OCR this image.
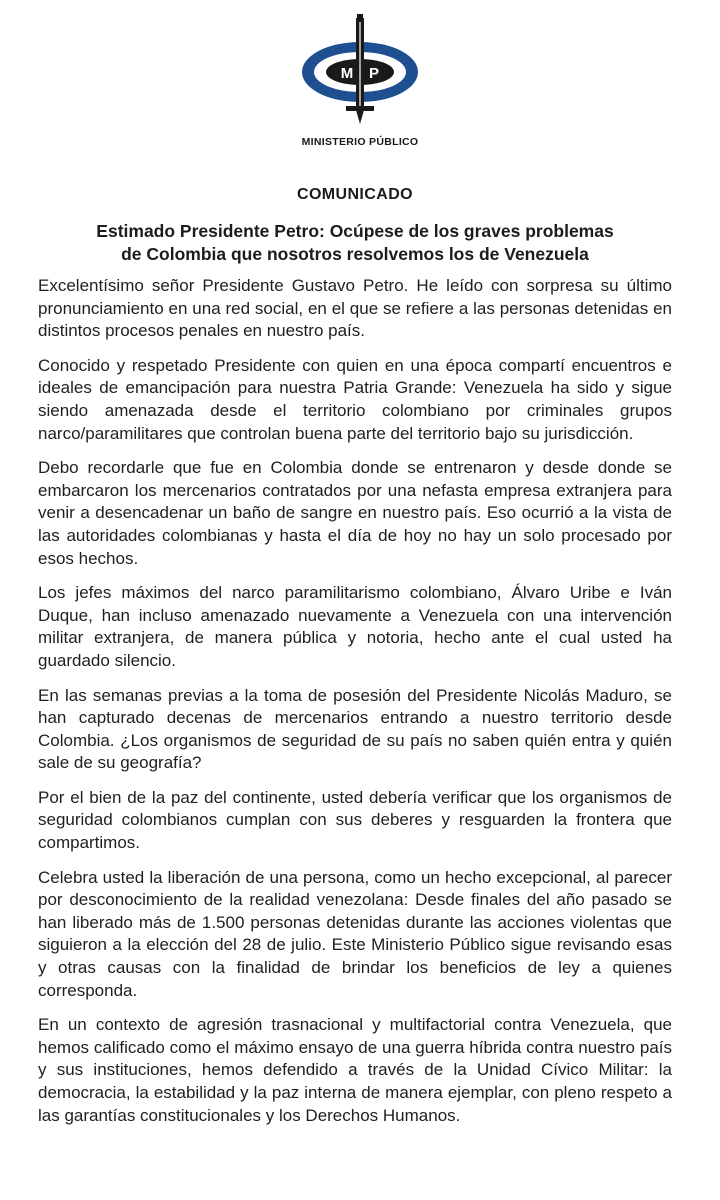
M P
MINISTERIO PÚBLICO
COMUNICADO
Estimado Presidente Petro: Ocúpese de los graves problemas
de Colombia que nosotros resolvemos los de Venezuela

Excelentísimo señor Presidente Gustavo Petro. He leído con sorpresa su último pronunciamiento en una red social, en el que se refiere a las personas detenidas en distintos procesos penales en nuestro país.

Conocido y respetado Presidente con quien en una época compartí encuentros e ideales de emancipación para nuestra Patria Grande: Venezuela ha sido y sigue siendo amenazada desde el territorio colombiano por criminales grupos narco/paramilitares que controlan buena parte del territorio bajo su jurisdicción.

Debo recordarle que fue en Colombia donde se entrenaron y desde donde se embarcaron los mercenarios contratados por una nefasta empresa extranjera para venir a desencadenar un baño de sangre en nuestro país. Eso ocurrió a la vista de las autoridades colombianas y hasta el día de hoy no hay un solo procesado por esos hechos.

Los jefes máximos del narco paramilitarismo colombiano, Álvaro Uribe e Iván Duque, han incluso amenazado nuevamente a Venezuela con una intervención militar extranjera, de manera pública y notoria, hecho ante el cual usted ha guardado silencio.

En las semanas previas a la toma de posesión del Presidente Nicolás Maduro, se han capturado decenas de mercenarios entrando a nuestro territorio desde Colombia. ¿Los organismos de seguridad de su país no saben quién entra y quién sale de su geografía?

Por el bien de la paz del continente, usted debería verificar que los organismos de seguridad colombianos cumplan con sus deberes y resguarden la frontera que compartimos.

Celebra usted la liberación de una persona, como un hecho excepcional, al parecer por desconocimiento de la realidad venezolana: Desde finales del año pasado se han liberado más de 1.500 personas detenidas durante las acciones violentas que siguieron a la elección del 28 de julio. Este Ministerio Público sigue revisando esas y otras causas con la finalidad de brindar los beneficios de ley a quienes corresponda.

En un contexto de agresión trasnacional y multifactorial contra Venezuela, que hemos calificado como el máximo ensayo de una guerra híbrida contra nuestro país y sus instituciones, hemos defendido a través de la Unidad Cívico Militar: la democracia, la estabilidad y la paz interna de manera ejemplar, con pleno respeto a las garantías constitucionales y los Derechos Humanos.
